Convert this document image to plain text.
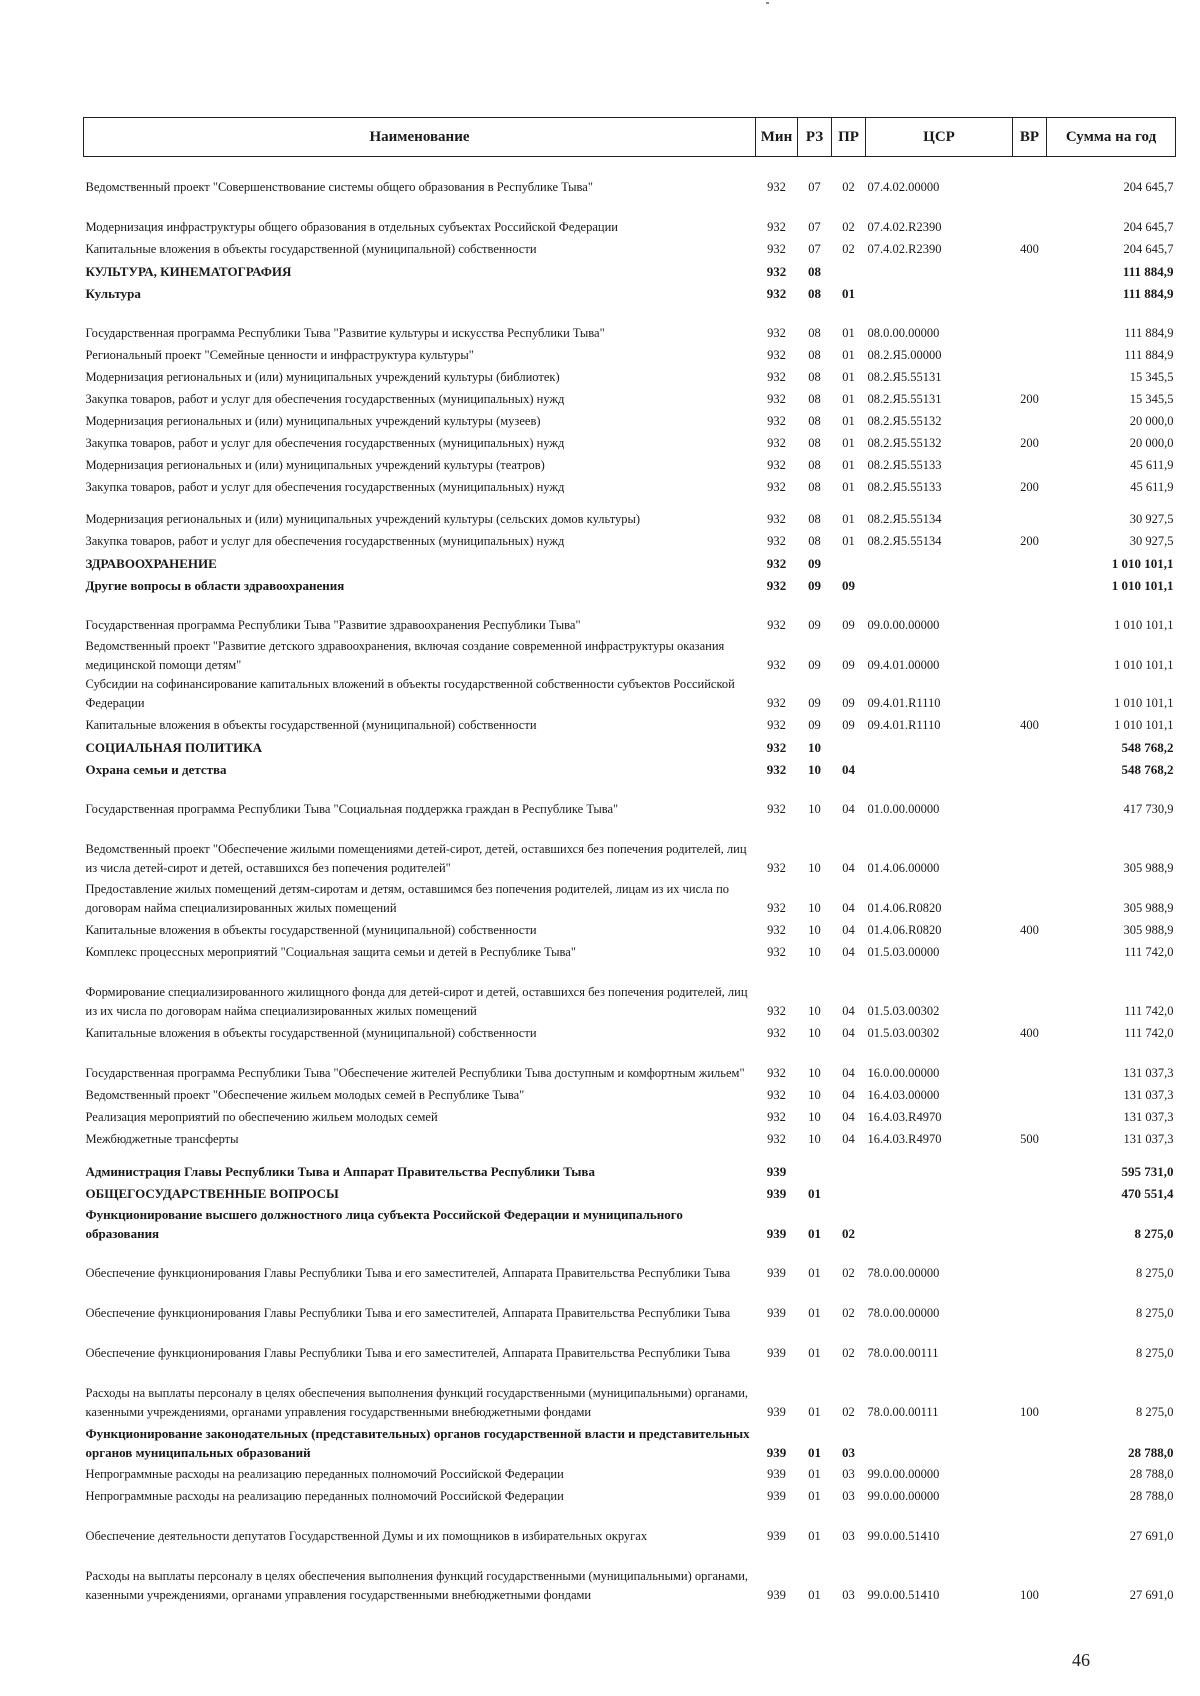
Наименование	Мин	РЗ	ПР	ЦСР	ВР	Сумма на год
Ведомственный проект "Совершенствование системы общего образования в Республике Тыва"	932	07	02	07.4.02.00000		204 645,7
Модернизация инфраструктуры общего образования в отдельных субъектах Российской Федерации	932	07	02	07.4.02.R2390		204 645,7
Капитальные вложения в объекты государственной (муниципальной) собственности	932	07	02	07.4.02.R2390	400	204 645,7
КУЛЬТУРА, КИНЕМАТОГРАФИЯ	932	08				111 884,9
Культура	932	08	01			111 884,9
Государственная программа Республики Тыва "Развитие культуры и искусства Республики Тыва"	932	08	01	08.0.00.00000		111 884,9
Региональный проект "Семейные ценности и инфраструктура культуры"	932	08	01	08.2.Я5.00000		111 884,9
Модернизация региональных и (или) муниципальных учреждений культуры (библиотек)	932	08	01	08.2.Я5.55131		15 345,5
Закупка товаров, работ и услуг для обеспечения государственных (муниципальных) нужд	932	08	01	08.2.Я5.55131	200	15 345,5
Модернизация региональных и (или) муниципальных учреждений культуры (музеев)	932	08	01	08.2.Я5.55132		20 000,0
Закупка товаров, работ и услуг для обеспечения государственных (муниципальных) нужд	932	08	01	08.2.Я5.55132	200	20 000,0
Модернизация региональных и (или) муниципальных учреждений культуры (театров)	932	08	01	08.2.Я5.55133		45 611,9
Закупка товаров, работ и услуг для обеспечения государственных (муниципальных) нужд	932	08	01	08.2.Я5.55133	200	45 611,9
Модернизация региональных и (или) муниципальных учреждений культуры (сельских домов культуры)	932	08	01	08.2.Я5.55134		30 927,5
Закупка товаров, работ и услуг для обеспечения государственных (муниципальных) нужд	932	08	01	08.2.Я5.55134	200	30 927,5
ЗДРАВООХРАНЕНИЕ	932	09				1 010 101,1
Другие вопросы в области здравоохранения	932	09	09			1 010 101,1
Государственная программа Республики Тыва "Развитие здравоохранения Республики Тыва"	932	09	09	09.0.00.00000		1 010 101,1
Ведомственный проект "Развитие детского здравоохранения, включая создание современной инфраструктуры оказания медицинской помощи детям"	932	09	09	09.4.01.00000		1 010 101,1
Субсидии на софинансирование капитальных вложений в объекты государственной собственности субъектов Российской Федерации	932	09	09	09.4.01.R1110		1 010 101,1
Капитальные вложения в объекты государственной (муниципальной) собственности	932	09	09	09.4.01.R1110	400	1 010 101,1
СОЦИАЛЬНАЯ ПОЛИТИКА	932	10				548 768,2
Охрана семьи и детства	932	10	04			548 768,2
Государственная программа Республики Тыва "Социальная поддержка граждан в Республике Тыва"	932	10	04	01.0.00.00000		417 730,9
Ведомственный проект "Обеспечение жилыми помещениями детей-сирот, детей, оставшихся без попечения родителей, лиц из числа детей-сирот и детей, оставшихся без попечения родителей"	932	10	04	01.4.06.00000		305 988,9
Предоставление жилых помещений детям-сиротам и детям, оставшимся без попечения родителей, лицам из их числа по договорам найма специализированных жилых помещений	932	10	04	01.4.06.R0820		305 988,9
Капитальные вложения в объекты государственной (муниципальной) собственности	932	10	04	01.4.06.R0820	400	305 988,9
Комплекс процессных мероприятий "Социальная защита семьи и детей в Республике Тыва"	932	10	04	01.5.03.00000		111 742,0
Формирование специализированного жилищного фонда для детей-сирот и детей, оставшихся без попечения родителей, лиц из их числа по договорам найма специализированных жилых помещений	932	10	04	01.5.03.00302		111 742,0
Капитальные вложения в объекты государственной (муниципальной) собственности	932	10	04	01.5.03.00302	400	111 742,0
Государственная программа Республики Тыва "Обеспечение жителей Республики Тыва доступным и комфортным жильем"	932	10	04	16.0.00.00000		131 037,3
Ведомственный проект "Обеспечение жильем молодых семей в Республике Тыва"	932	10	04	16.4.03.00000		131 037,3
Реализация мероприятий по обеспечению жильем молодых семей	932	10	04	16.4.03.R4970		131 037,3
Межбюджетные трансферты	932	10	04	16.4.03.R4970	500	131 037,3
Администрация Главы Республики Тыва и Аппарат Правительства Республики Тыва	939					595 731,0
ОБЩЕГОСУДАРСТВЕННЫЕ ВОПРОСЫ	939	01				470 551,4
Функционирование высшего должностного лица субъекта Российской Федерации и муниципального образования	939	01	02			8 275,0
Обеспечение функционирования Главы Республики Тыва и его заместителей, Аппарата Правительства Республики Тыва	939	01	02	78.0.00.00000		8 275,0
Обеспечение функционирования Главы Республики Тыва и его заместителей, Аппарата Правительства Республики Тыва	939	01	02	78.0.00.00000		8 275,0
Обеспечение функционирования Главы Республики Тыва и его заместителей, Аппарата Правительства Республики Тыва	939	01	02	78.0.00.00111		8 275,0
Расходы на выплаты персоналу в целях обеспечения выполнения функций государственными (муниципальными) органами, казенными учреждениями, органами управления государственными внебюджетными фондами	939	01	02	78.0.00.00111	100	8 275,0
Функционирование законодательных (представительных) органов государственной власти и представительных органов муниципальных образований	939	01	03			28 788,0
Непрограммные расходы на реализацию переданных полномочий Российской Федерации	939	01	03	99.0.00.00000		28 788,0
Непрограммные расходы на реализацию переданных полномочий Российской Федерации	939	01	03	99.0.00.00000		28 788,0
Обеспечение деятельности депутатов Государственной Думы и их помощников в избирательных округах	939	01	03	99.0.00.51410		27 691,0
Расходы на выплаты персоналу в целях обеспечения выполнения функций государственными (муниципальными) органами, казенными учреждениями, органами управления государственными внебюджетными фондами	939	01	03	99.0.00.51410	100	27 691,0
46
